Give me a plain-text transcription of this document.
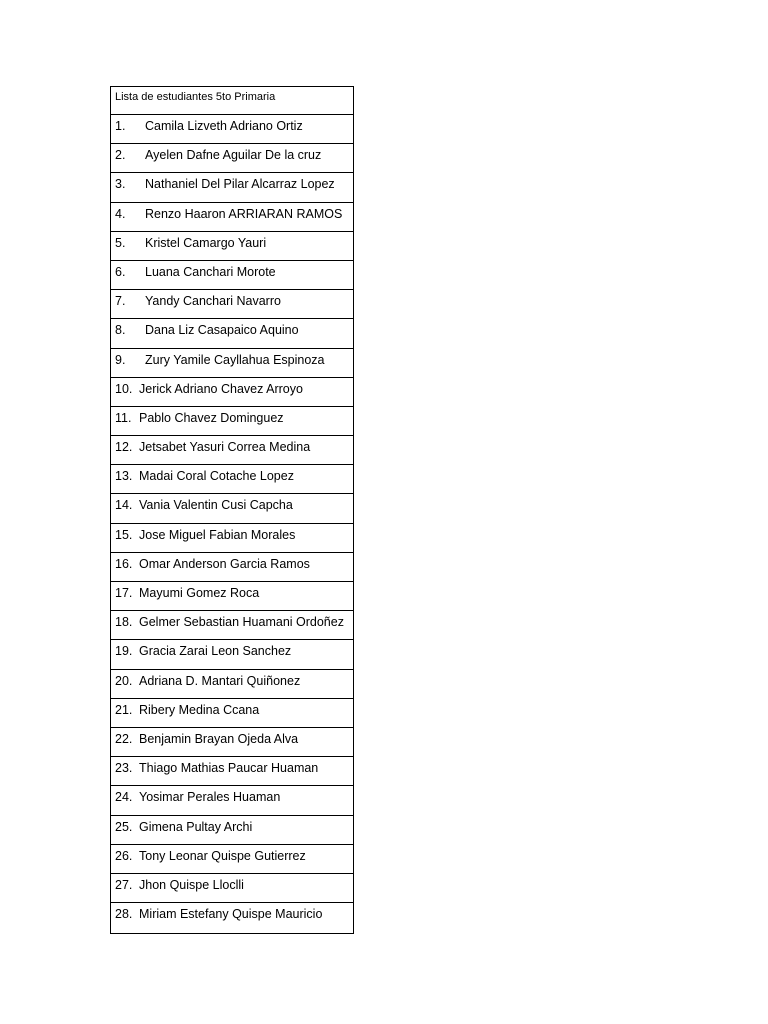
Lista de estudiantes 5to Primaria
1.	Camila Lizveth Adriano Ortiz
2.	Ayelen Dafne Aguilar De la cruz
3.	Nathaniel Del Pilar Alcarraz Lopez
4.	Renzo Haaron ARRIARAN RAMOS
5.	Kristel Camargo Yauri
6.	Luana Canchari Morote
7.	Yandy Canchari Navarro
8.	Dana Liz Casapaico Aquino
9.	Zury Yamile Cayllahua Espinoza
10. Jerick Adriano Chavez Arroyo
11. Pablo Chavez Dominguez
12. Jetsabet Yasuri Correa Medina
13. Madai Coral Cotache Lopez
14. Vania Valentin Cusi Capcha
15. Jose Miguel Fabian Morales
16. Omar Anderson Garcia Ramos
17. Mayumi Gomez Roca
18. Gelmer Sebastian Huamani Ordoñez
19. Gracia Zarai Leon Sanchez
20. Adriana D. Mantari Quiñonez
21. Ribery Medina Ccana
22. Benjamin Brayan Ojeda Alva
23. Thiago Mathias Paucar Huaman
24. Yosimar Perales Huaman
25. Gimena Pultay Archi
26. Tony Leonar Quispe Gutierrez
27. Jhon Quispe Lloclli
28. Miriam Estefany Quispe Mauricio
